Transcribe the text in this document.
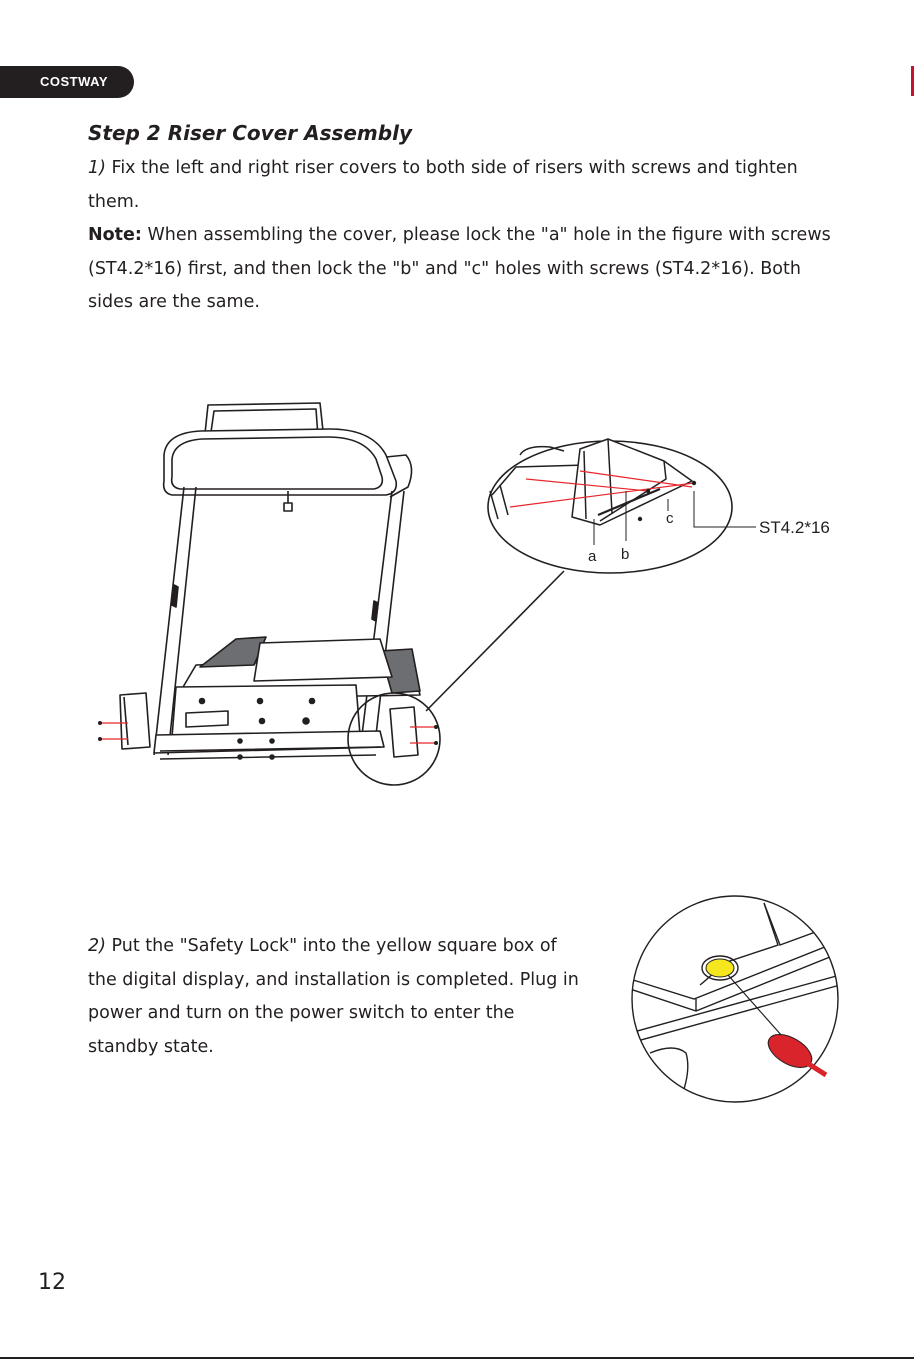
COSTWAY
Step 2 Riser Cover Assembly

1) Fix the left and right riser covers to both side of risers with screws and tighten them.

Note: When assembling the cover, please lock the "a" hole in the figure with screws (ST4.2*16) first, and then lock the "b" and "c" holes with screws (ST4.2*16). Both sides are the same.

a b
c	ST4.2*16

2) Put the "Safety Lock" into the yellow square box of the digital display, and installation is completed. Plug in power and turn on the power switch to enter the standby state.

12
